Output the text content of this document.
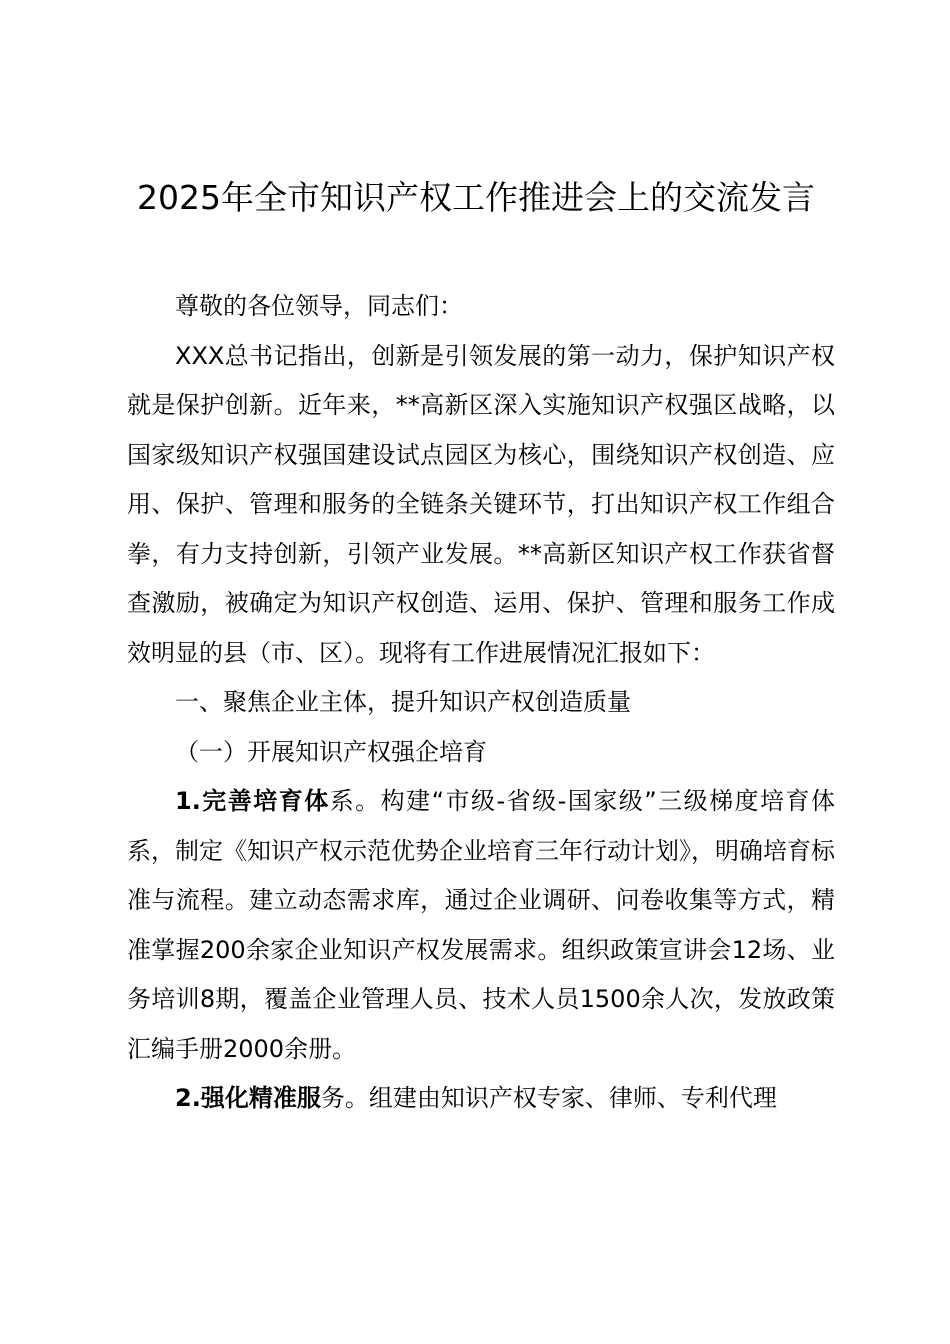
2025年全市知识产权工作推进会上的交流发言

尊敬的各位领导，同志们：

XXX总书记指出，创新是引领发展的第一动力，保护知识产权就是保护创新。近年来，**高新区深入实施知识产权强区战略，以国家级知识产权强国建设试点园区为核心，围绕知识产权创造、应用、保护、管理和服务的全链条关键环节，打出知识产权工作组合拳，有力支持创新，引领产业发展。**高新区知识产权工作获省督查激励，被确定为知识产权创造、运用、保护、管理和服务工作成效明显的县（市、区）。现将有工作进展情况汇报如下：

一、聚焦企业主体，提升知识产权创造质量

（一）开展知识产权强企培育

1.完善培育体系。构建“市级-省级-国家级”三级梯度培育体系，制定《知识产权示范优势企业培育三年行动计划》，明确培育标准与流程。建立动态需求库，通过企业调研、问卷收集等方式，精准掌握200余家企业知识产权发展需求。组织政策宣讲会12场、业务培训8期，覆盖企业管理人员、技术人员1500余人次，发放政策汇编手册2000余册。

2.强化精准服务。组建由知识产权专家、律师、专利代理
